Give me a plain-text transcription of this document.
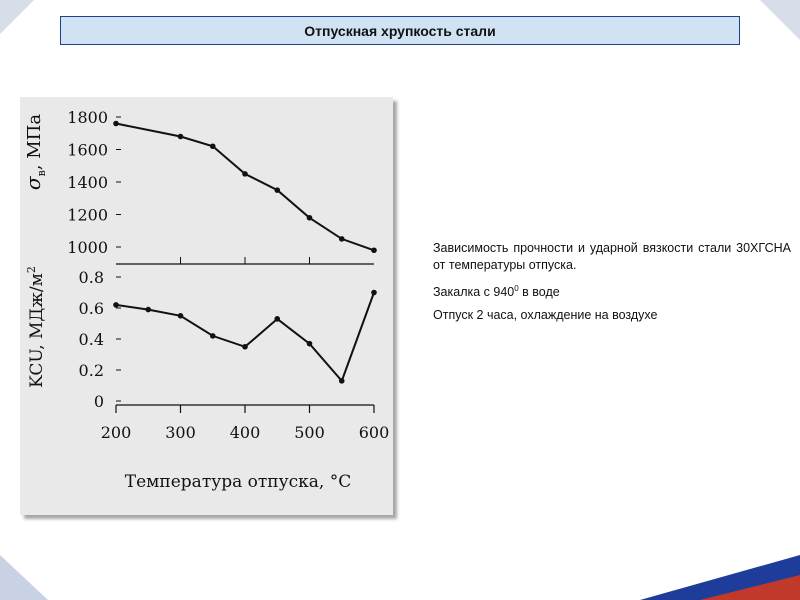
Отпускная хрупкость стали
1800
1600
1400
1200
1000
$\sigma_в$, МПа
0.8
0.6
0.4
0.2
0
200 300 400 500 600
KCU, МДж/$м^2$
Температура отпуска, °С

Зависимость прочности и ударной вязкости стали 30ХГСНА от температуры отпуска.

Закалка с $940^0$ в воде

Отпуск 2 часа, охлаждение на воздухе
